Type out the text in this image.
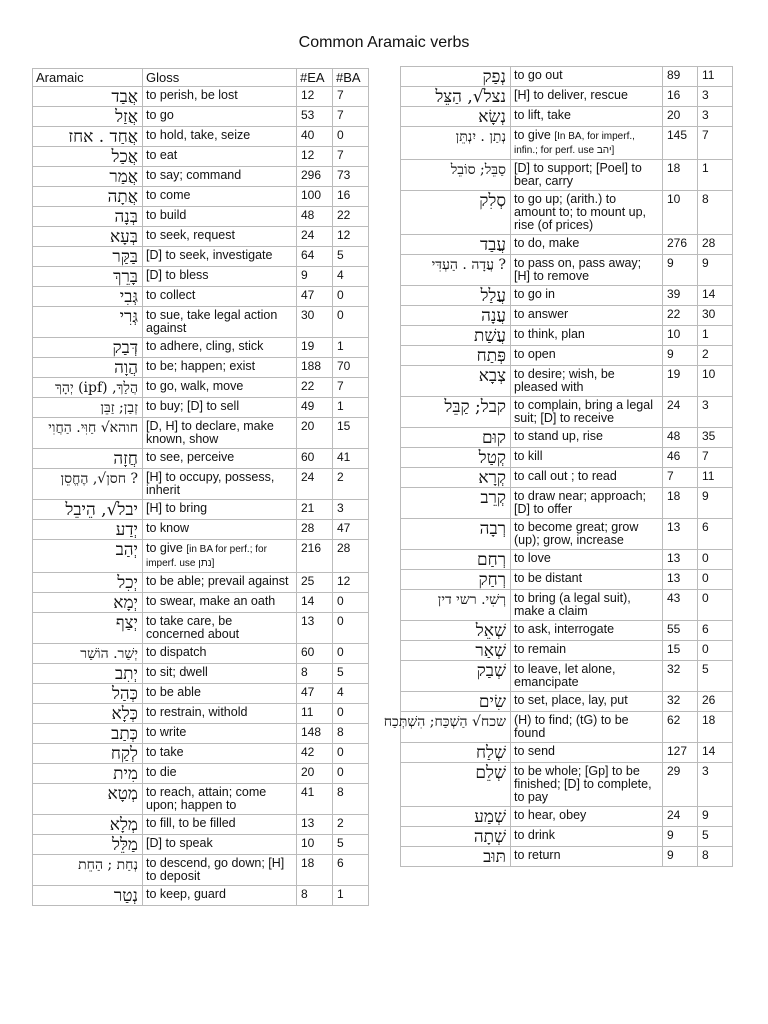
Common Aramaic verbs
Aramaic	Gloss	#EA	#BA
אֲבַד	to perish, be lost	12	7
אֲזַל	to go	53	7
אֲחַד . אחז	to hold, take, seize	40	0
אֲכַל	to eat	12	7
אֲמַר	to say; command	296	73
אֲתָה	to come	100	16
בְּנָה	to build	48	22
בְּעָא	to seek, request	24	12
בַּקַּר	[D] to seek, investigate	64	5
בָּרֵךְ	[D] to bless	9	4
גְּבִי	to collect	47	0
גְּרִי	to sue, take legal action against	30	0
דְּבַק	to adhere, cling, stick	19	1
הֲוָה	to be; happen; exist	188	70
הֲלַךְ, (ipf) יְהָךְ	to go, walk, move	22	7
זְבַן; זַבֵּן	to buy; [D] to sell	49	1
חוהא√ חַוִּי. הַחֲוִי	[D, H] to declare, make known, show	20	15
חֲזָה	to see, perceive	60	41
? חסן√, הֶחֱסֵן	[H] to occupy, possess, inherit	24	2
יבל√, הֵיבֵל	[H] to bring	21	3
יְדַע	to know	28	47
יְהַב	to give [in BA for perf.; for imperf. use נתן]	216	28
יְכִל	to be able; prevail against	25	12
יְמָא	to swear, make an oath	14	0
יְצַף	to take care, be concerned about	13	0
יְשַׁר. הוֹשַׁר	to dispatch	60	0
יְתִב	to sit; dwell	8	5
כְּהַל	to be able	47	4
כְּלָא	to restrain, withold	11	0
כְּתַב	to write	148	8
לְקַח	to take	42	0
מִית	to die	20	0
מְטָא	to reach, attain; come upon; happen to	41	8
מְלָא	to fill, to be filled	13	2
מַלֵּל	[D] to speak	10	5
נְחַת ; הַחֵת	to descend, go down; [H] to deposit	18	6
נְטַר	to keep, guard	8	1
נְפַק	to go out	89	11
נצל√, הַצֵּל	[H] to deliver, rescue	16	3
נְשָׂא	to lift, take	20	3
נְתַן . יִנְתֵּן	to give [In BA, for imperf., infin.; for perf. use יהב]	145	7
סַבֵּל; סוֹבֵל	[D] to support; [Poel] to bear, carry	18	1
סְלִק	to go up; (arith.) to amount to; to mount up, rise (of prices)	10	8
עֲבַד	to do, make	276	28
? עֲדָה . הַעְדִּי	to pass on, pass away; [H] to remove	9	9
עֲלַל	to go in	39	14
עֲנָה	to answer	22	30
עֲשַׁת	to think, plan	10	1
פְּתַח	to open	9	2
צְבָא	to desire; wish, be pleased with	19	10
קבל; קַבֵּל	to complain, bring a legal suit; [D] to receive	24	3
קוּם	to stand up, rise	48	35
קְטַל	to kill	46	7
קְרָא	to call out ; to read	7	11
קְרֵב	to draw near; approach; [D] to offer	18	9
רְבָה	to become great; grow (up); grow, increase	13	6
רְחַם	to love	13	0
רְחַק	to be distant	13	0
רְשִׁי. רשי דין	to bring (a legal suit), make a claim	43	0
שְׁאֵל	to ask, interrogate	55	6
שְׁאַר	to remain	15	0
שְׁבַק	to leave, let alone, emancipate	32	5
שִׂים	to set, place, lay, put	32	26
שכח√ הַשְׁכַּח; הִשְׁתְּכַח	(H) to find; (tG) to be found	62	18
שְׁלַח	to send	127	14
שְׁלֵם	to be whole; [Gp] to be finished; [D] to complete, to pay	29	3
שְׁמַע	to hear, obey	24	9
שְׁתָה	to drink	9	5
תּוּב	to return	9	8
